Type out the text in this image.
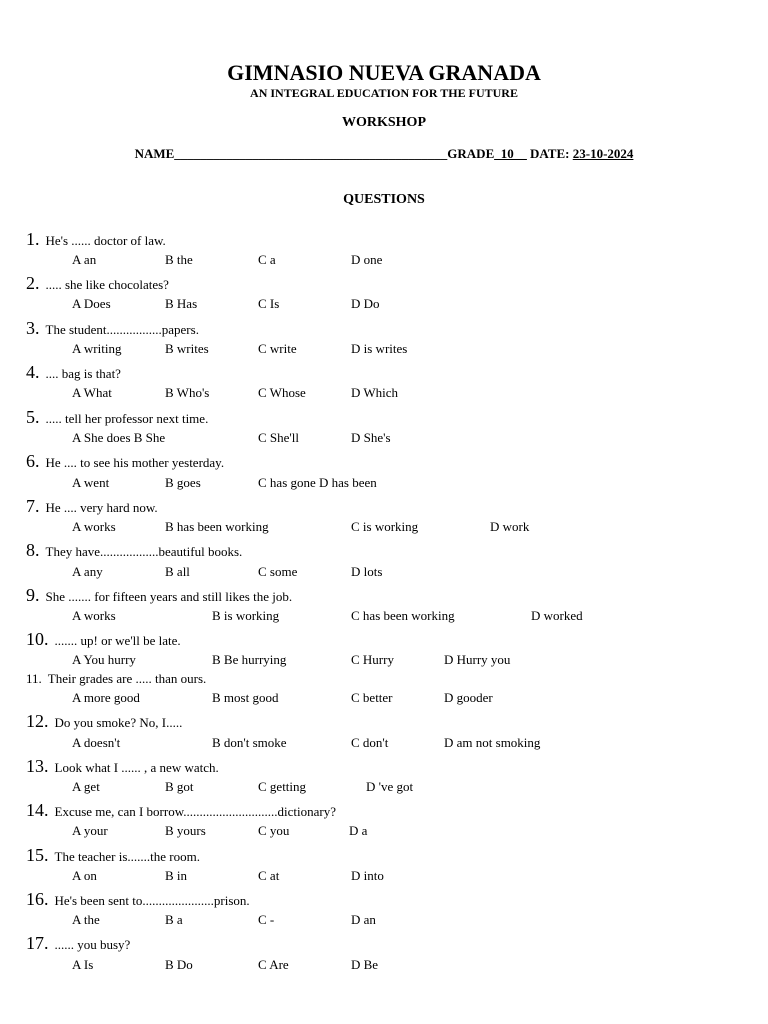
GIMNASIO NUEVA GRANADA
AN INTEGRAL EDUCATION FOR THE FUTURE
WORKSHOP
NAME__________________________________________GRADE_10__ DATE: 23-10-2024
QUESTIONS
1. He's ...... doctor of law.
A an	B the	C a	D one
2. ..... she like chocolates?
A Does	B Has	C Is	D Do
3. The student.................papers.
A writing	B writes	C write	D is writes
4. .... bag is that?
A What	B Who's	C Whose	D Which
5. ..... tell her professor next time.
A She does B She	C She'll	D She's
6. He .... to see his mother yesterday.
A went	B goes	C has gone D has been
7. He .... very hard now.
A works	B has been working	C is working	D work
8. They have..................beautiful books.
A any	B all	C some	D lots
9. She ....... for fifteen years and still likes the job.
A works	B is working	C has been working	D worked
10. ....... up! or we'll be late.
A You hurry	B Be hurrying	C Hurry	D Hurry you
11. Their grades are ..... than ours.
A more good	B most good	C better	D gooder
12. Do you smoke? No, I.....
A doesn't	B don't smoke	C don't	D am not smoking
13. Look what I ...... , a new watch.
A get	B got	C getting	D 've got
14. Excuse me, can I borrow.............................dictionary?
A your	B yours	C you	D a
15. The teacher is.......the room.
A on	B in	C at	D into
16. He's been sent to......................prison.
A the	B a	C -	D an
17. ...... you busy?
A Is	B Do	C Are	D Be
